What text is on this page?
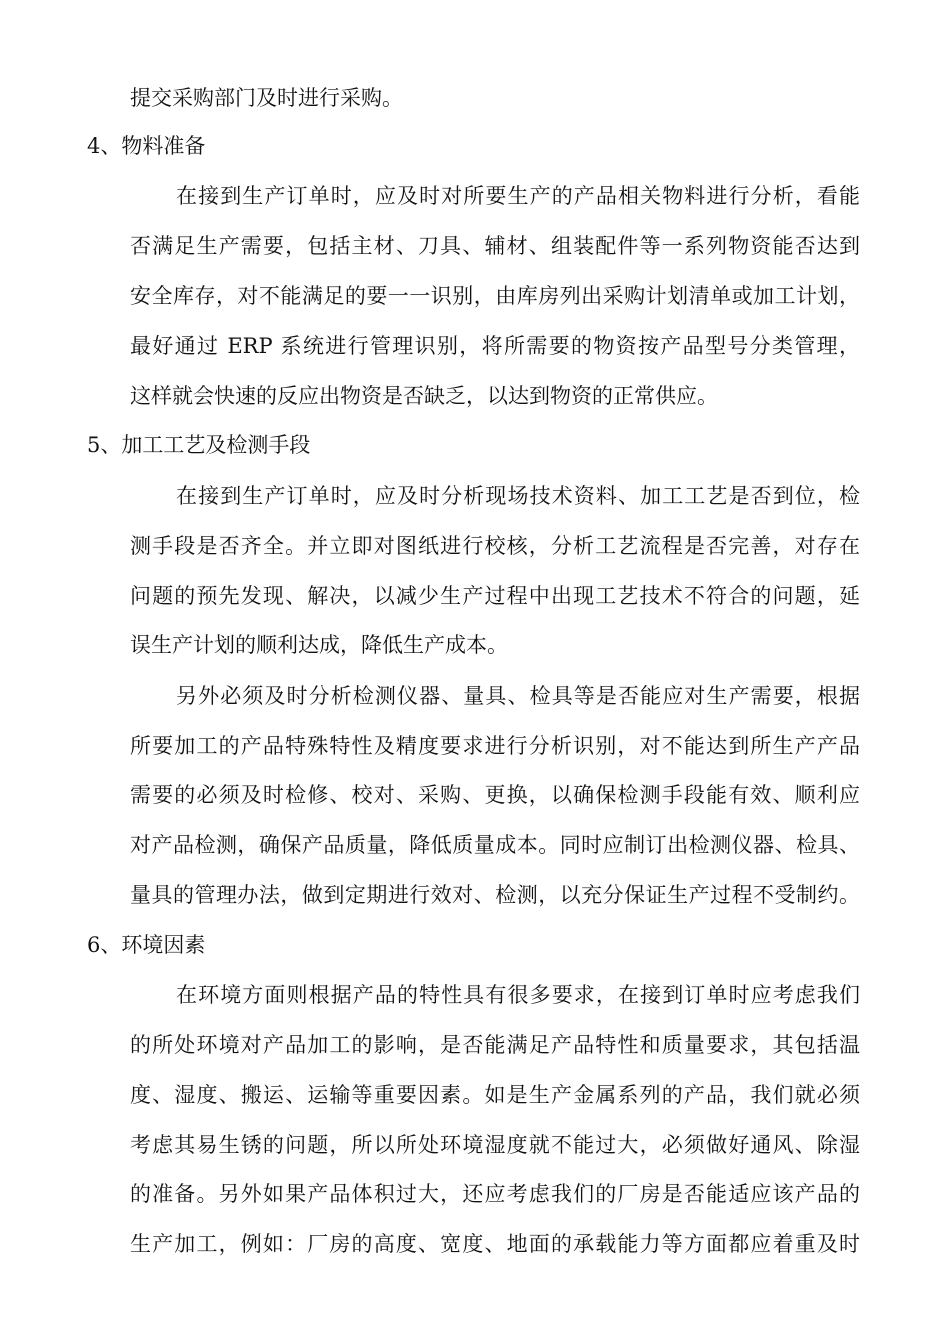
提交采购部门及时进行采购。
4、物料准备
在接到生产订单时，应及时对所要生产的产品相关物料进行分析，看能
否满足生产需要，包括主材、刀具、辅材、组装配件等一系列物资能否达到
安全库存，对不能满足的要一一识别，由库房列出采购计划清单或加工计划，
最好通过 ERP 系统进行管理识别，将所需要的物资按产品型号分类管理，
这样就会快速的反应出物资是否缺乏，以达到物资的正常供应。
5、加工工艺及检测手段
在接到生产订单时，应及时分析现场技术资料、加工工艺是否到位，检
测手段是否齐全。并立即对图纸进行校核，分析工艺流程是否完善，对存在
问题的预先发现、解决，以减少生产过程中出现工艺技术不符合的问题，延
误生产计划的顺利达成，降低生产成本。
另外必须及时分析检测仪器、量具、检具等是否能应对生产需要，根据
所要加工的产品特殊特性及精度要求进行分析识别，对不能达到所生产产品
需要的必须及时检修、校对、采购、更换，以确保检测手段能有效、顺利应
对产品检测，确保产品质量，降低质量成本。同时应制订出检测仪器、检具、
量具的管理办法，做到定期进行效对、检测，以充分保证生产过程不受制约。
6、环境因素
在环境方面则根据产品的特性具有很多要求，在接到订单时应考虑我们
的所处环境对产品加工的影响，是否能满足产品特性和质量要求，其包括温
度、湿度、搬运、运输等重要因素。如是生产金属系列的产品，我们就必须
考虑其易生锈的问题，所以所处环境湿度就不能过大，必须做好通风、除湿
的准备。另外如果产品体积过大，还应考虑我们的厂房是否能适应该产品的
生产加工，例如：厂房的高度、宽度、地面的承载能力等方面都应着重及时
